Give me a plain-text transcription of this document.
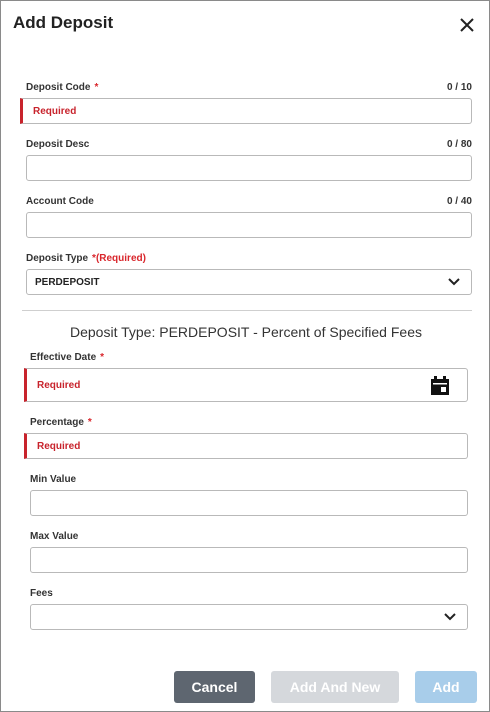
Add Deposit
Deposit Code *	0 / 10
Required
Deposit Desc	0 / 80
Account Code	0 / 40
Deposit Type *(Required)
PERDEPOSIT
Deposit Type: PERDEPOSIT - Percent of Specified Fees
Effective Date *
Required
Percentage *
Required
Min Value
Max Value
Fees
Cancel	Add And New	Add
